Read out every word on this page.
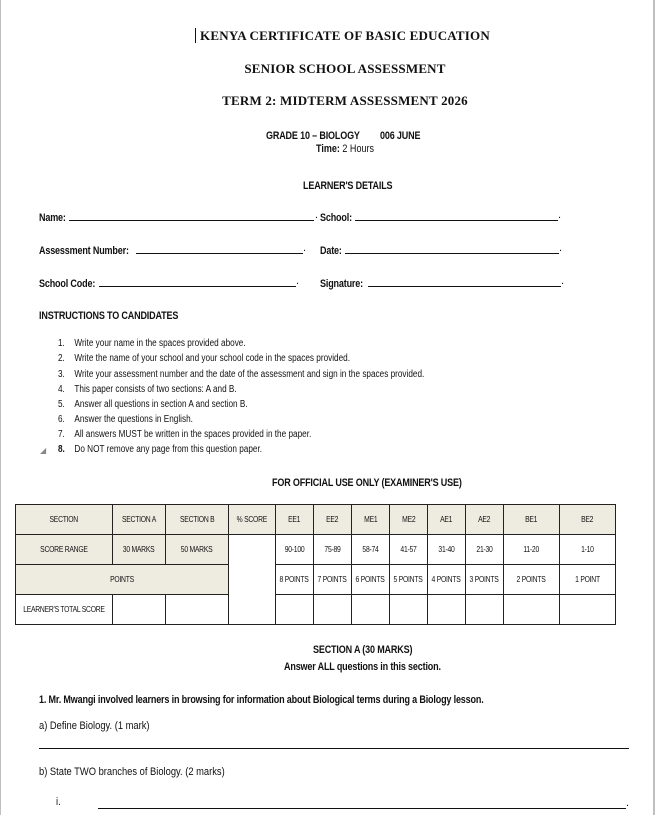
KENYA CERTIFICATE OF BASIC EDUCATION
SENIOR SCHOOL ASSESSMENT
TERM 2: MIDTERM ASSESSMENT 2026
GRADE 10 – BIOLOGY	006 JUNE
Time: 2 Hours
LEARNER'S DETAILS
Name:	. School:	.
Assessment Number:	. Date:	.
School Code:	. Signature:	.
INSTRUCTIONS TO CANDIDATES
1. Write your name in the spaces provided above.
2. Write the name of your school and your school code in the spaces provided.
3. Write your assessment number and the date of the assessment and sign in the spaces provided.
4. This paper consists of two sections: A and B.
5. Answer all questions in section A and section B.
6. Answer the questions in English.
7. All answers MUST be written in the spaces provided in the paper.
◢ 8. Do NOT remove any page from this question paper.
FOR OFFICIAL USE ONLY (EXAMINER'S USE)
SECTION	SECTION A	SECTION B	% SCORE	EE1	EE2	ME1	ME2	AE1	AE2	BE1	BE2
SCORE RANGE	30 MARKS	50 MARKS		90-100	75-89	58-74	41-57	31-40	21-30	11-20	1-10
POINTS				8 POINTS	7 POINTS	6 POINTS	5 POINTS	4 POINTS	3 POINTS	2 POINTS	1 POINT
LEARNER'S TOTAL SCORE											
SECTION A (30 MARKS)
Answer ALL questions in this section.
1. Mr. Mwangi involved learners in browsing for information about Biological terms during a Biology lesson.
a) Define Biology. (1 mark)
b) State TWO branches of Biology. (2 marks)
i.	.
